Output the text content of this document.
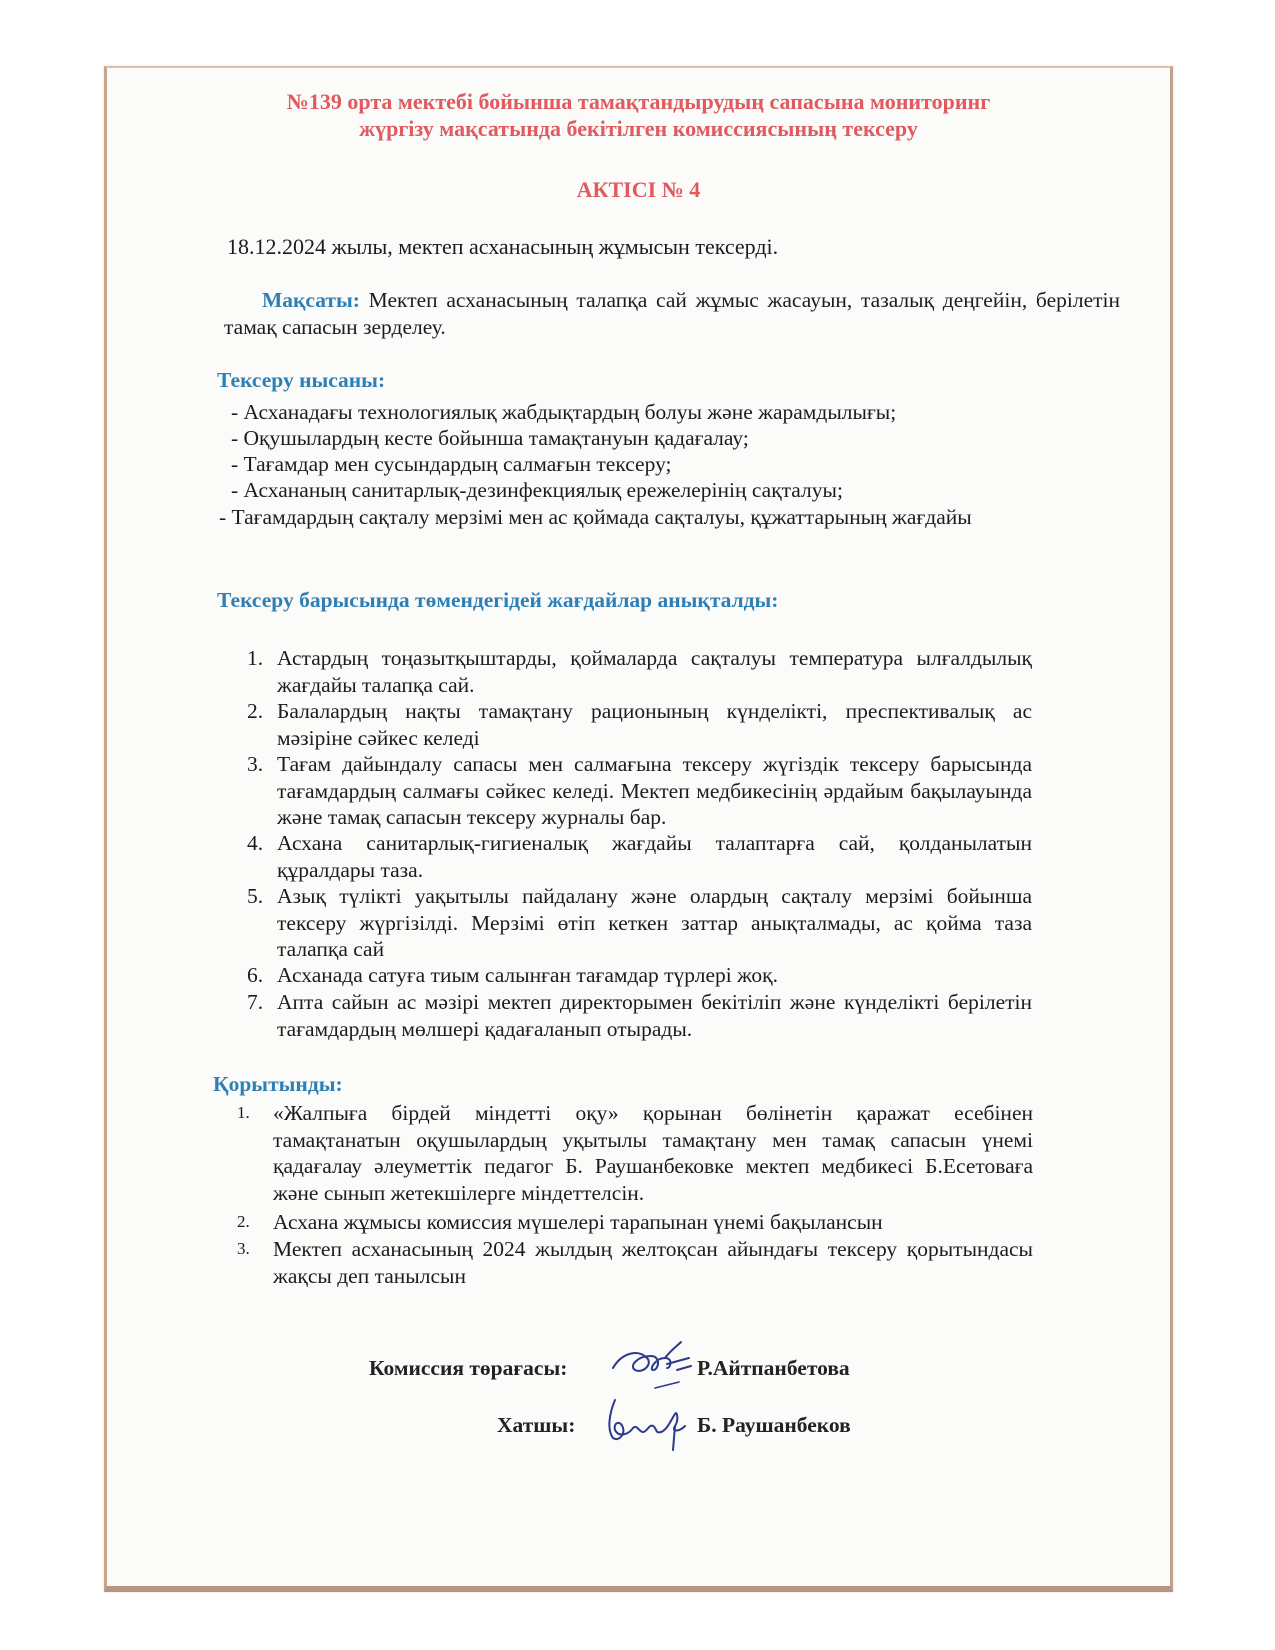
№139 орта мектебі бойынша тамақтандырудың сапасына мониторинг
жүргізу мақсатында бекітілген комиссиясының тексеру
АКТІСІ № 4
18.12.2024 жылы, мектеп асханасының жұмысын тексерді.
Мақсаты: Мектеп асханасының талапқа сай жұмыс жасауын, тазалық деңгейін, берілетін тамақ сапасын зерделеу.
Тексеру нысаны:
- Асханадағы технологиялық жабдықтардың болуы және жарамдылығы;
- Оқушылардың кесте бойынша тамақтануын қадағалау;
- Тағамдар мен сусындардың салмағын тексеру;
- Асхананың санитарлық-дезинфекциялық ережелерінің сақталуы;
- Тағамдардың сақталу мерзімі мен ас қоймада сақталуы, құжаттарының жағдайы
Тексеру барысында төмендегідей жағдайлар анықталды:
1. Астардың тоңазытқыштарды, қоймаларда сақталуы температура ылғалдылық жағдайы талапқа сай.
2. Балалардың нақты тамақтану рационының күнделікті, преспективалық ас мәзіріне сәйкес келеді
3. Тағам дайындалу сапасы мен салмағына тексеру жүгіздік тексеру барысында тағамдардың салмағы сәйкес келеді. Мектеп медбикесінің әрдайым бақылауында және тамақ сапасын тексеру журналы бар.
4. Асхана санитарлық-гигиеналық жағдайы талаптарға сай, қолданылатын құралдары таза.
5. Азық түлікті уақытылы пайдалану және олардың сақталу мерзімі бойынша тексеру жүргізілді. Мерзімі өтіп кеткен заттар анықталмады, ас қойма таза талапқа сай
6. Асханада сатуға тиым салынған тағамдар түрлері жоқ.
7. Апта сайын ас мәзірі мектеп директорымен бекітіліп және күнделікті берілетін тағамдардың мөлшері қадағаланып отырады.
Қорытынды:
1.	«Жалпыға бірдей міндетті оқу» қорынан бөлінетін қаражат есебінен тамақтанатын оқушылардың уқытылы тамақтану мен тамақ сапасын үнемі қадағалау әлеуметтік педагог Б. Раушанбековке мектеп медбикесі Б.Есетоваға және сынып жетекшілерге міндеттелсін.
2.	Асхана жұмысы комиссия мүшелері тарапынан үнемі бақылансын
3.	Мектеп асханасының 2024 жылдың желтоқсан айындағы тексеру қорытындасы жақсы деп танылсын
Комиссия төрағасы:	Р.Айтпанбетова
Хатшы:	Б. Раушанбеков
